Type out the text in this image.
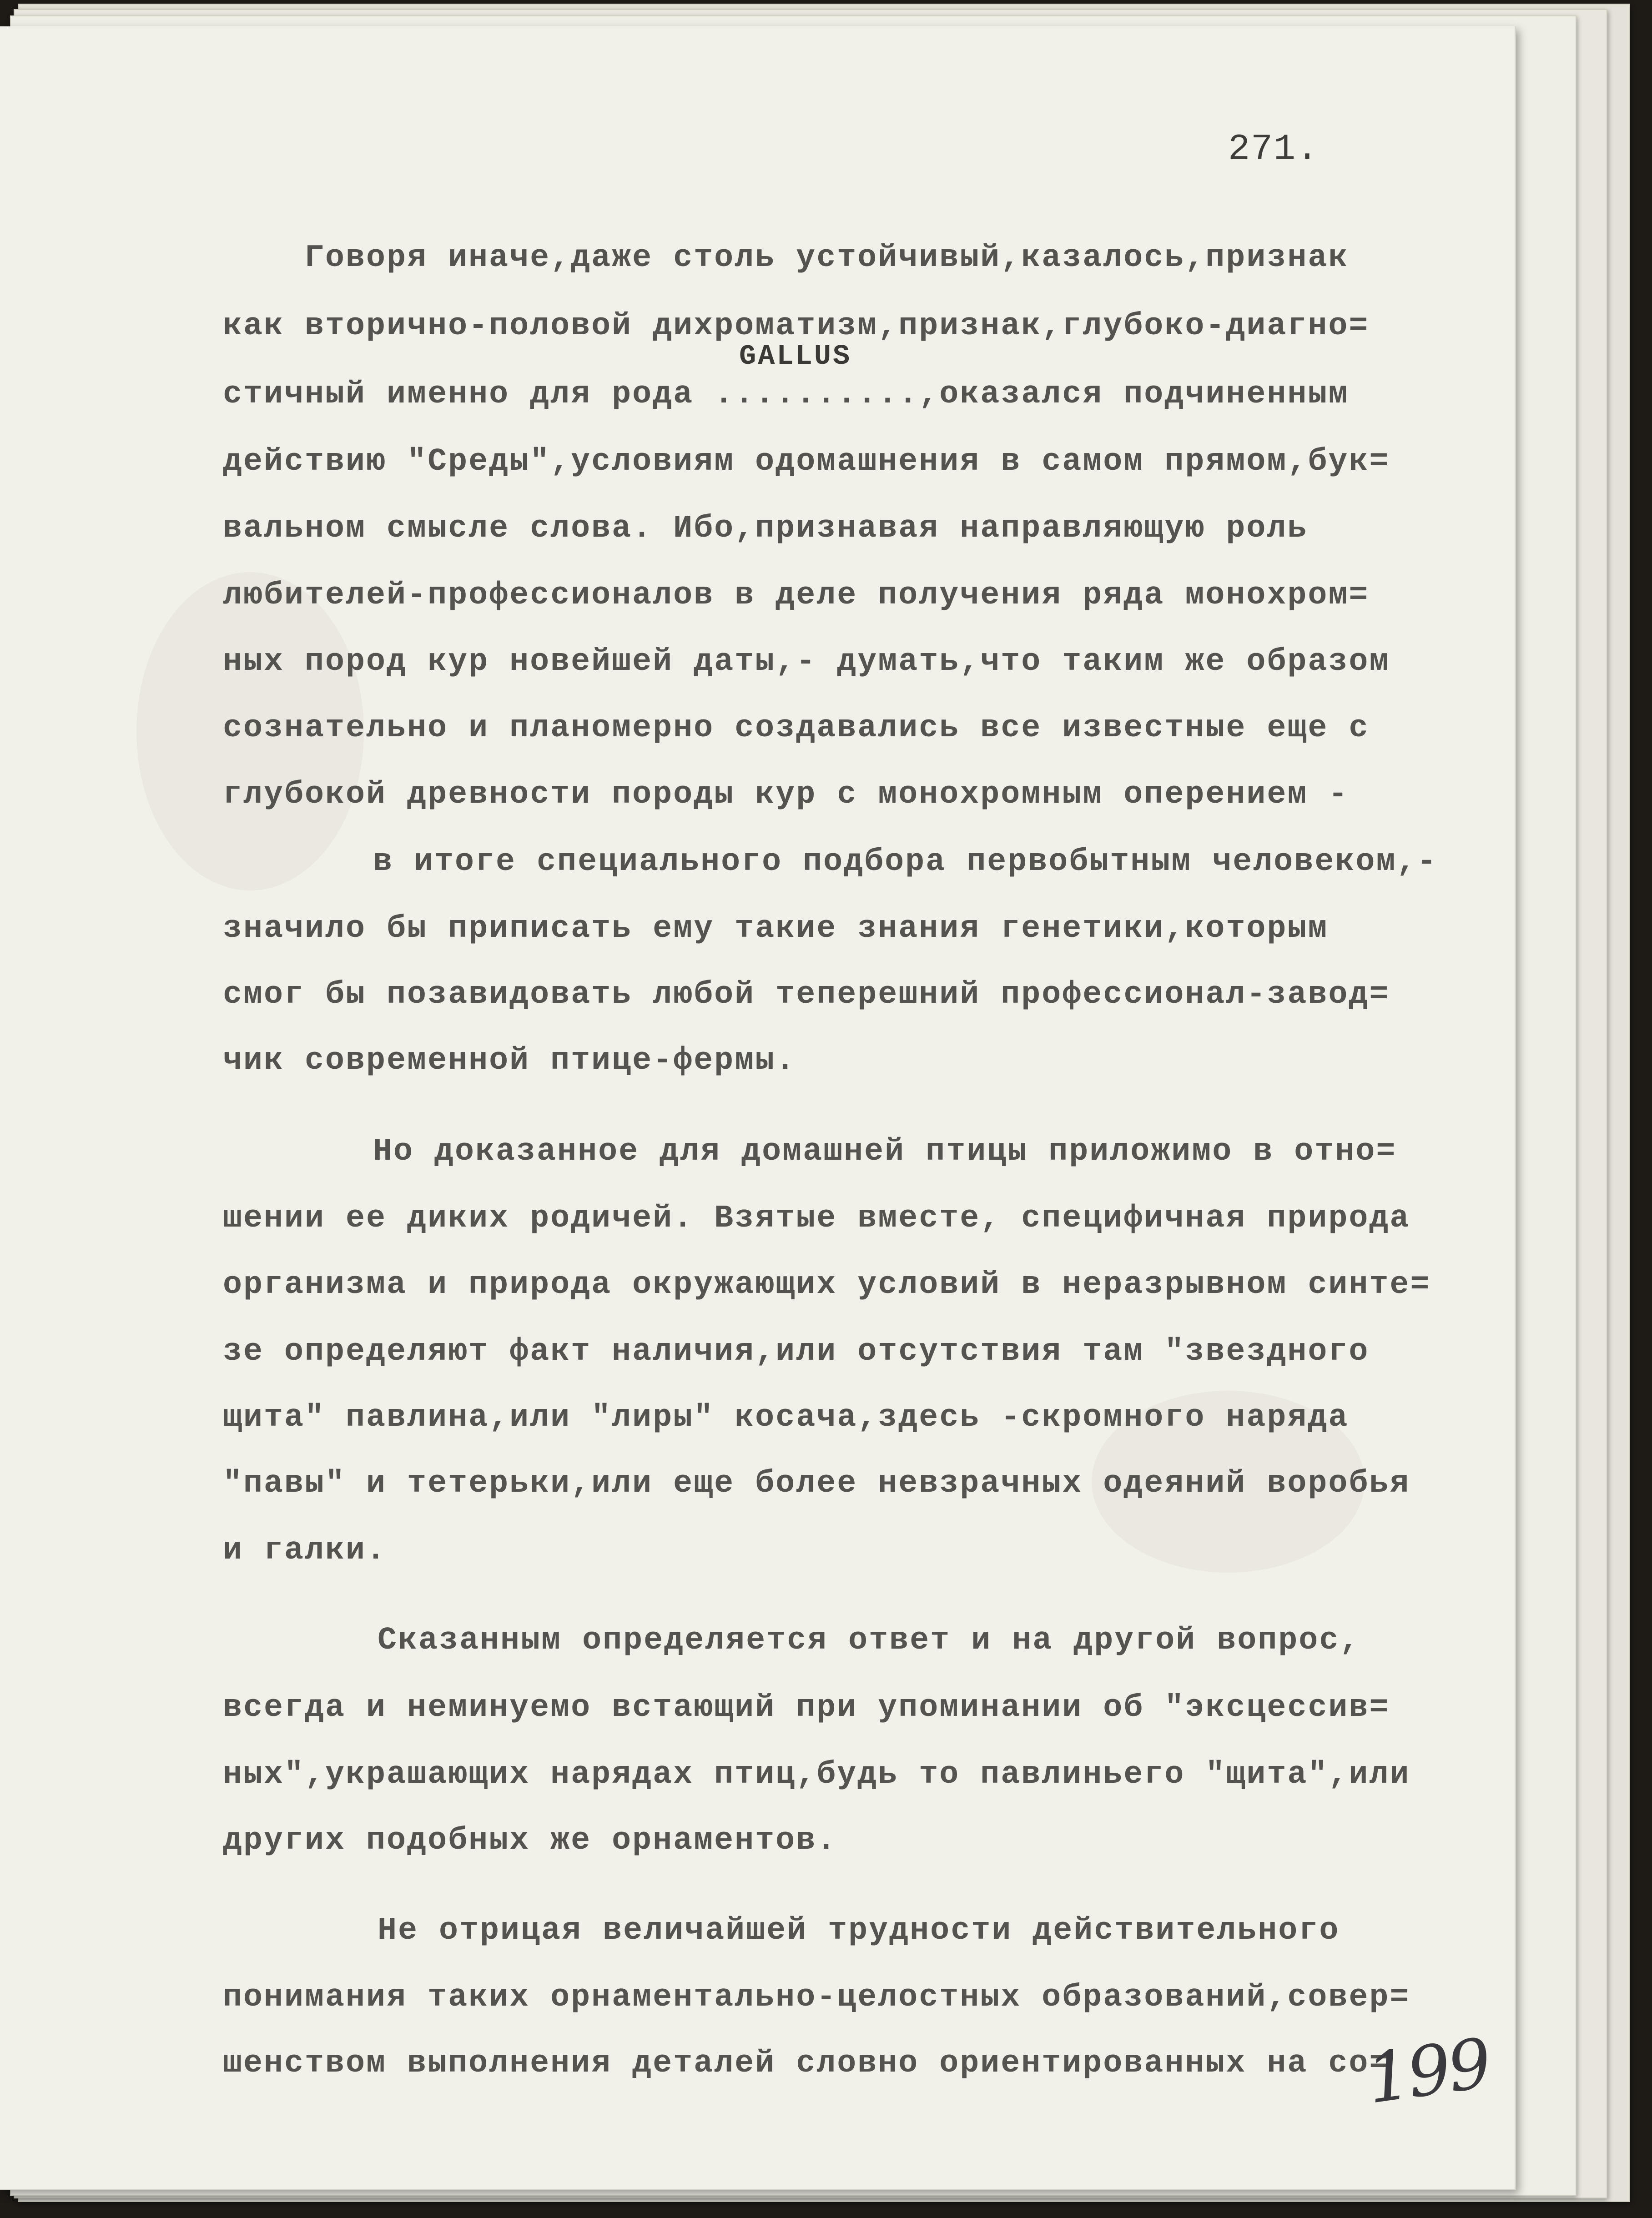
271.
GALLUS
Говоря иначе,даже столь устойчивый,казалось,признак
как вторично-половой дихроматизм,признак,глубоко-диагно=
стичный именно для рода ..........,оказался подчиненным
действию "Среды",условиям одомашнения в самом прямом,бук=
вальном смысле слова. Ибо,признавая направляющую роль
любителей-профессионалов в деле получения ряда монохром=
ных пород кур новейшей даты,- думать,что таким же образом
сознательно и планомерно создавались все известные еще с
глубокой древности породы кур с монохромным оперением -
в итоге специального подбора первобытным человеком,-
значило бы приписать ему такие знания генетики,которым
смог бы позавидовать любой теперешний профессионал-завод=
чик современной птице-фермы.
Но доказанное для домашней птицы приложимо в отно=
шении ее диких родичей. Взятые вместе, специфичная природа
организма и природа окружающих условий в неразрывном синте=
зе определяют факт наличия,или отсутствия там "звездного
щита" павлина,или "лиры" косача,здесь -скромного наряда
"павы" и тетерьки,или еще более невзрачных одеяний воробья
и галки.
Сказанным определяется ответ и на другой вопрос,
всегда и неминуемо встающий при упоминании об "эксцессив=
ных",украшающих нарядах птиц,будь то павлиньего "щита",или
других подобных же орнаментов.
Не отрицая величайшей трудности действительного
понимания таких орнаментально-целостных образований,совер=
шенством выполнения деталей словно ориентированных на со=
199
